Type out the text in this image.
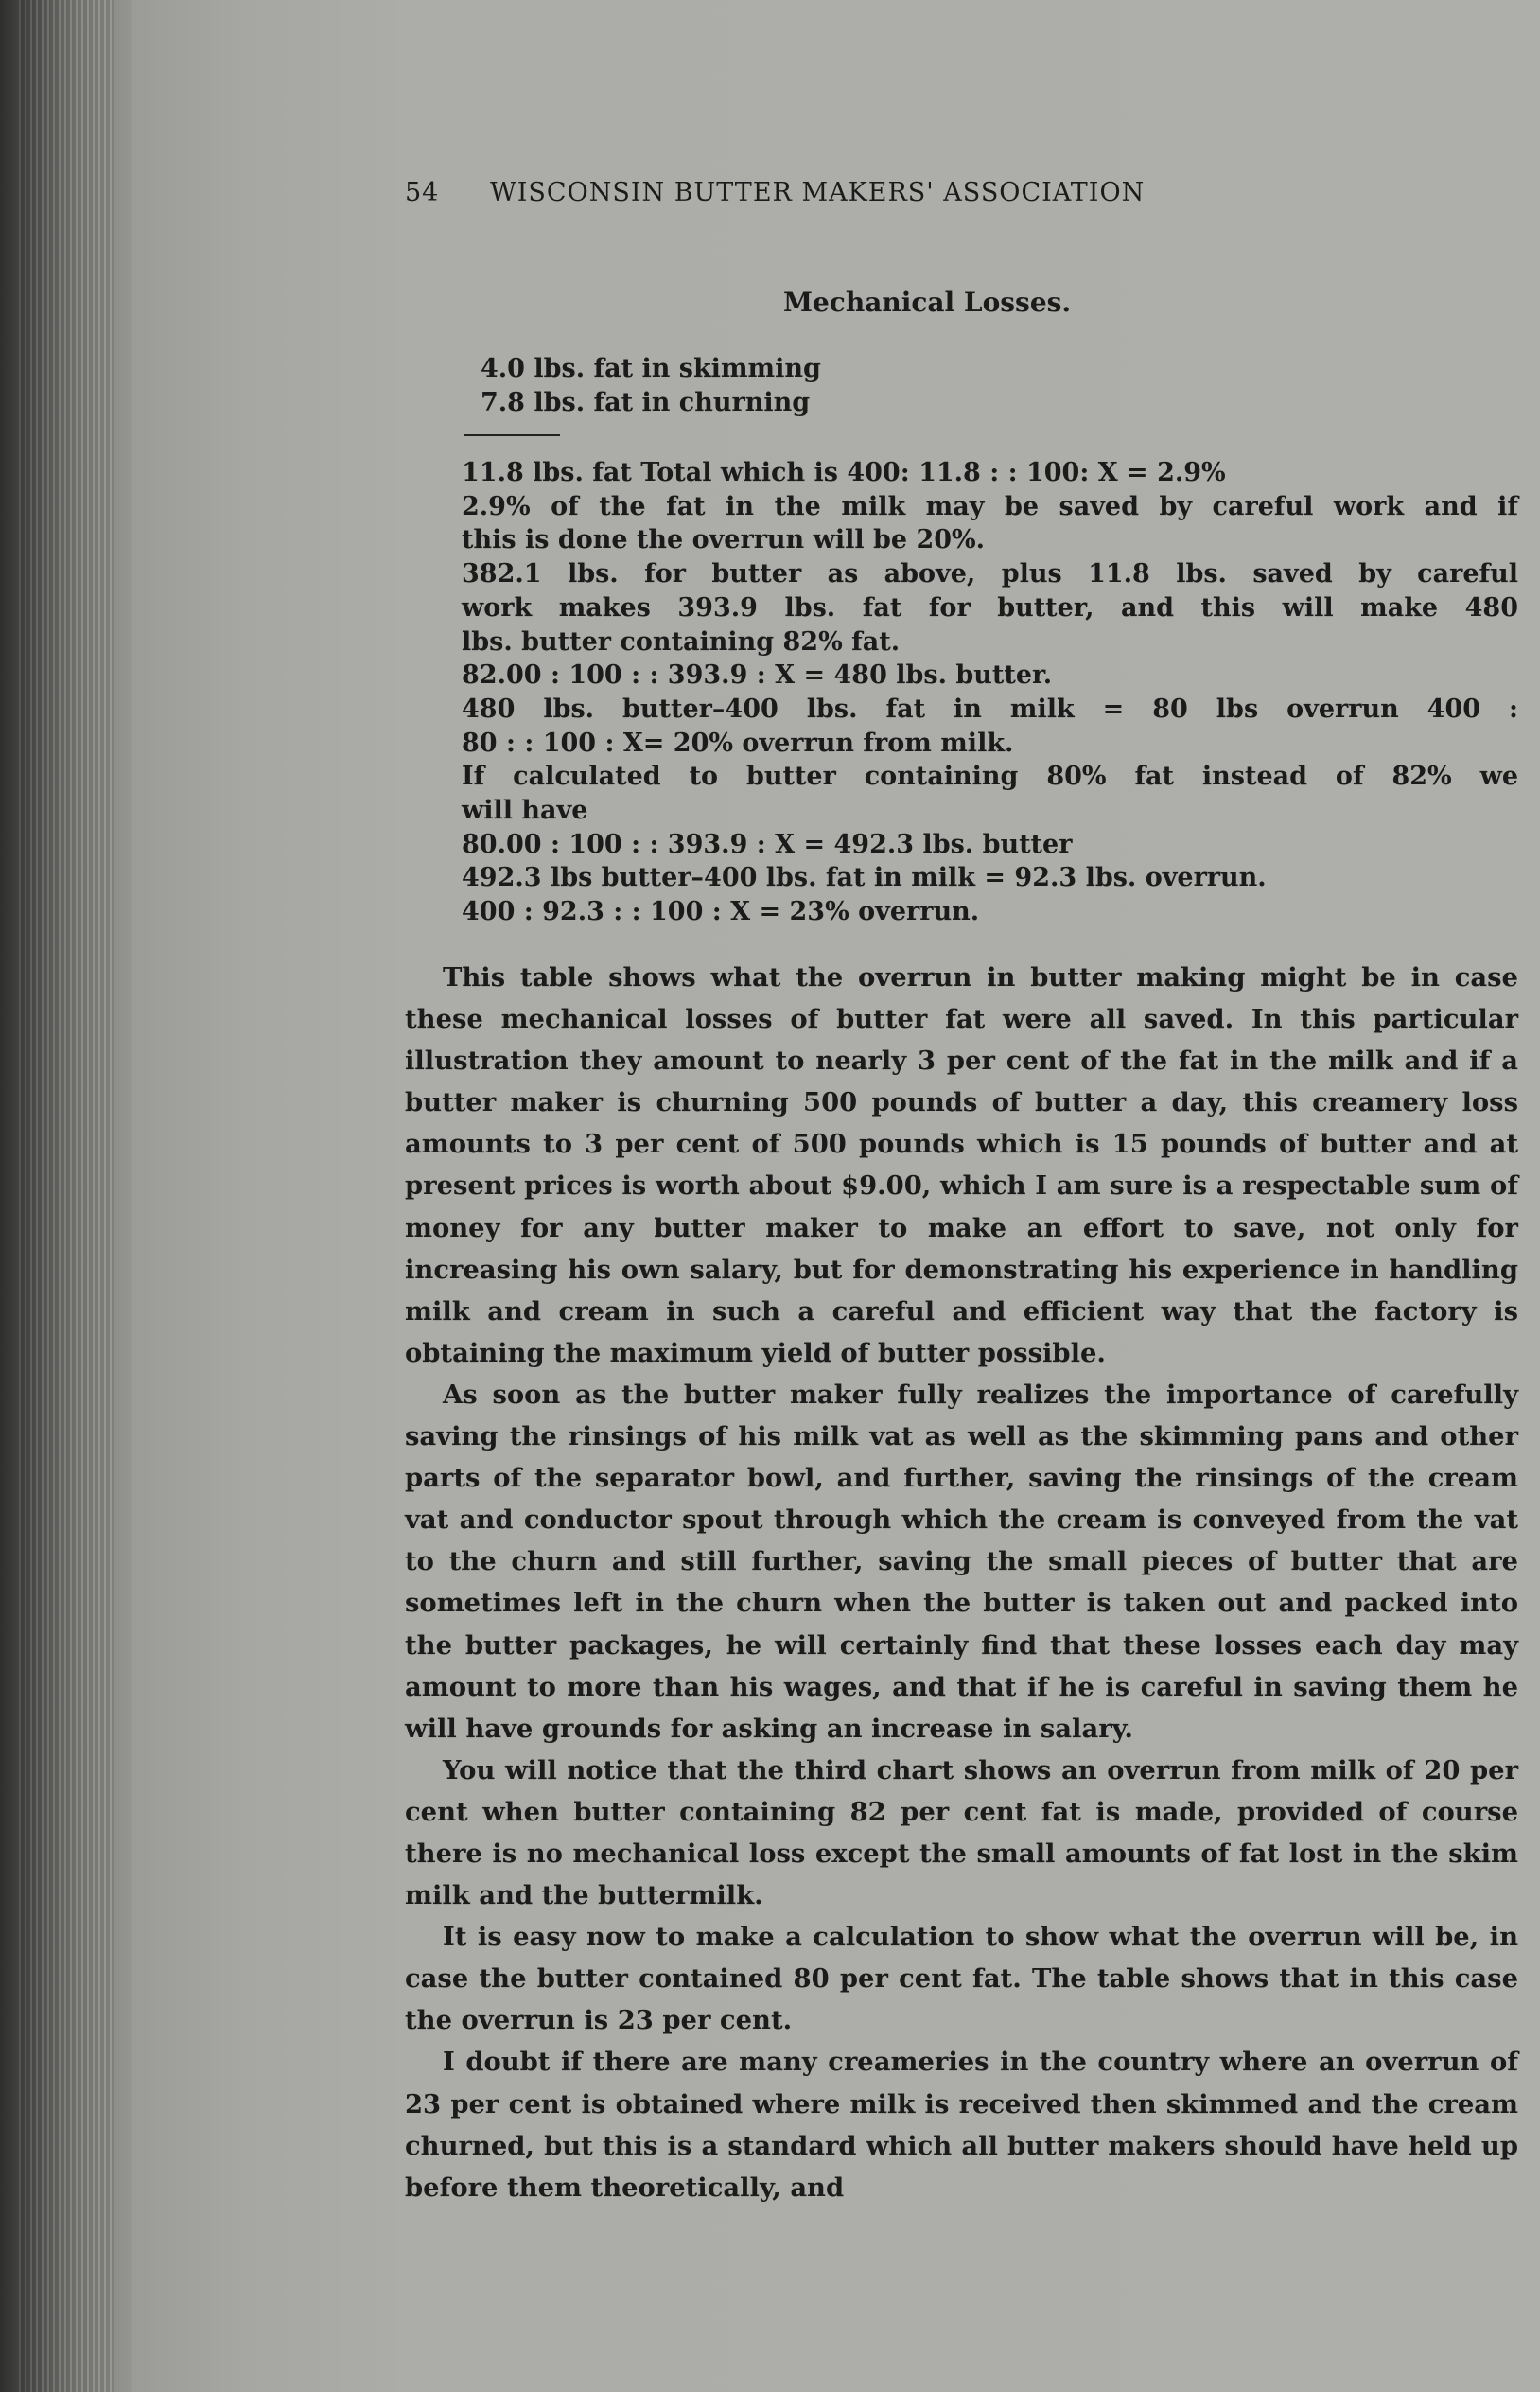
54 WISCONSIN BUTTER MAKERS' ASSOCIATION
Mechanical Losses.
4.0 lbs. fat in skimming
7.8 lbs. fat in churning
11.8 lbs. fat Total which is 400: 11.8 : : 100: X = 2.9%
2.9% of the fat in the milk may be saved by careful work and if
this is done the overrun will be 20%.
382.1 lbs. for butter as above, plus 11.8 lbs. saved by careful
work makes 393.9 lbs. fat for butter, and this will make 480
lbs. butter containing 82% fat.
82.00 : 100 : : 393.9 : X = 480 lbs. butter.
480 lbs. butter–400 lbs. fat in milk = 80 lbs overrun 400 :
80 : : 100 : X= 20% overrun from milk.
If calculated to butter containing 80% fat instead of 82% we
will have
80.00 : 100 : : 393.9 : X = 492.3 lbs. butter
492.3 lbs butter–400 lbs. fat in milk = 92.3 lbs. overrun.
400 : 92.3 : : 100 : X = 23% overrun.

This table shows what the overrun in butter making might be in case these mechanical losses of butter fat were all saved. In this particular illustration they amount to nearly 3 per cent of the fat in the milk and if a butter maker is churning 500 pounds of butter a day, this creamery loss amounts to 3 per cent of 500 pounds which is 15 pounds of butter and at present prices is worth about $9.00, which I am sure is a respectable sum of money for any butter maker to make an effort to save, not only for increasing his own salary, but for demonstrating his experience in handling milk and cream in such a careful and efficient way that the factory is obtaining the maximum yield of butter possible.

As soon as the butter maker fully realizes the importance of carefully saving the rinsings of his milk vat as well as the skimming pans and other parts of the separator bowl, and further, saving the rinsings of the cream vat and conductor spout through which the cream is conveyed from the vat to the churn and still further, saving the small pieces of butter that are sometimes left in the churn when the butter is taken out and packed into the butter packages, he will certainly find that these losses each day may amount to more than his wages, and that if he is careful in saving them he will have grounds for asking an increase in salary.

You will notice that the third chart shows an overrun from milk of 20 per cent when butter containing 82 per cent fat is made, provided of course there is no mechanical loss except the small amounts of fat lost in the skim milk and the buttermilk.

It is easy now to make a calculation to show what the overrun will be, in case the butter contained 80 per cent fat. The table shows that in this case the overrun is 23 per cent.

I doubt if there are many creameries in the country where an overrun of 23 per cent is obtained where milk is received then skimmed and the cream churned, but this is a standard which all butter makers should have held up before them theoretically, and
